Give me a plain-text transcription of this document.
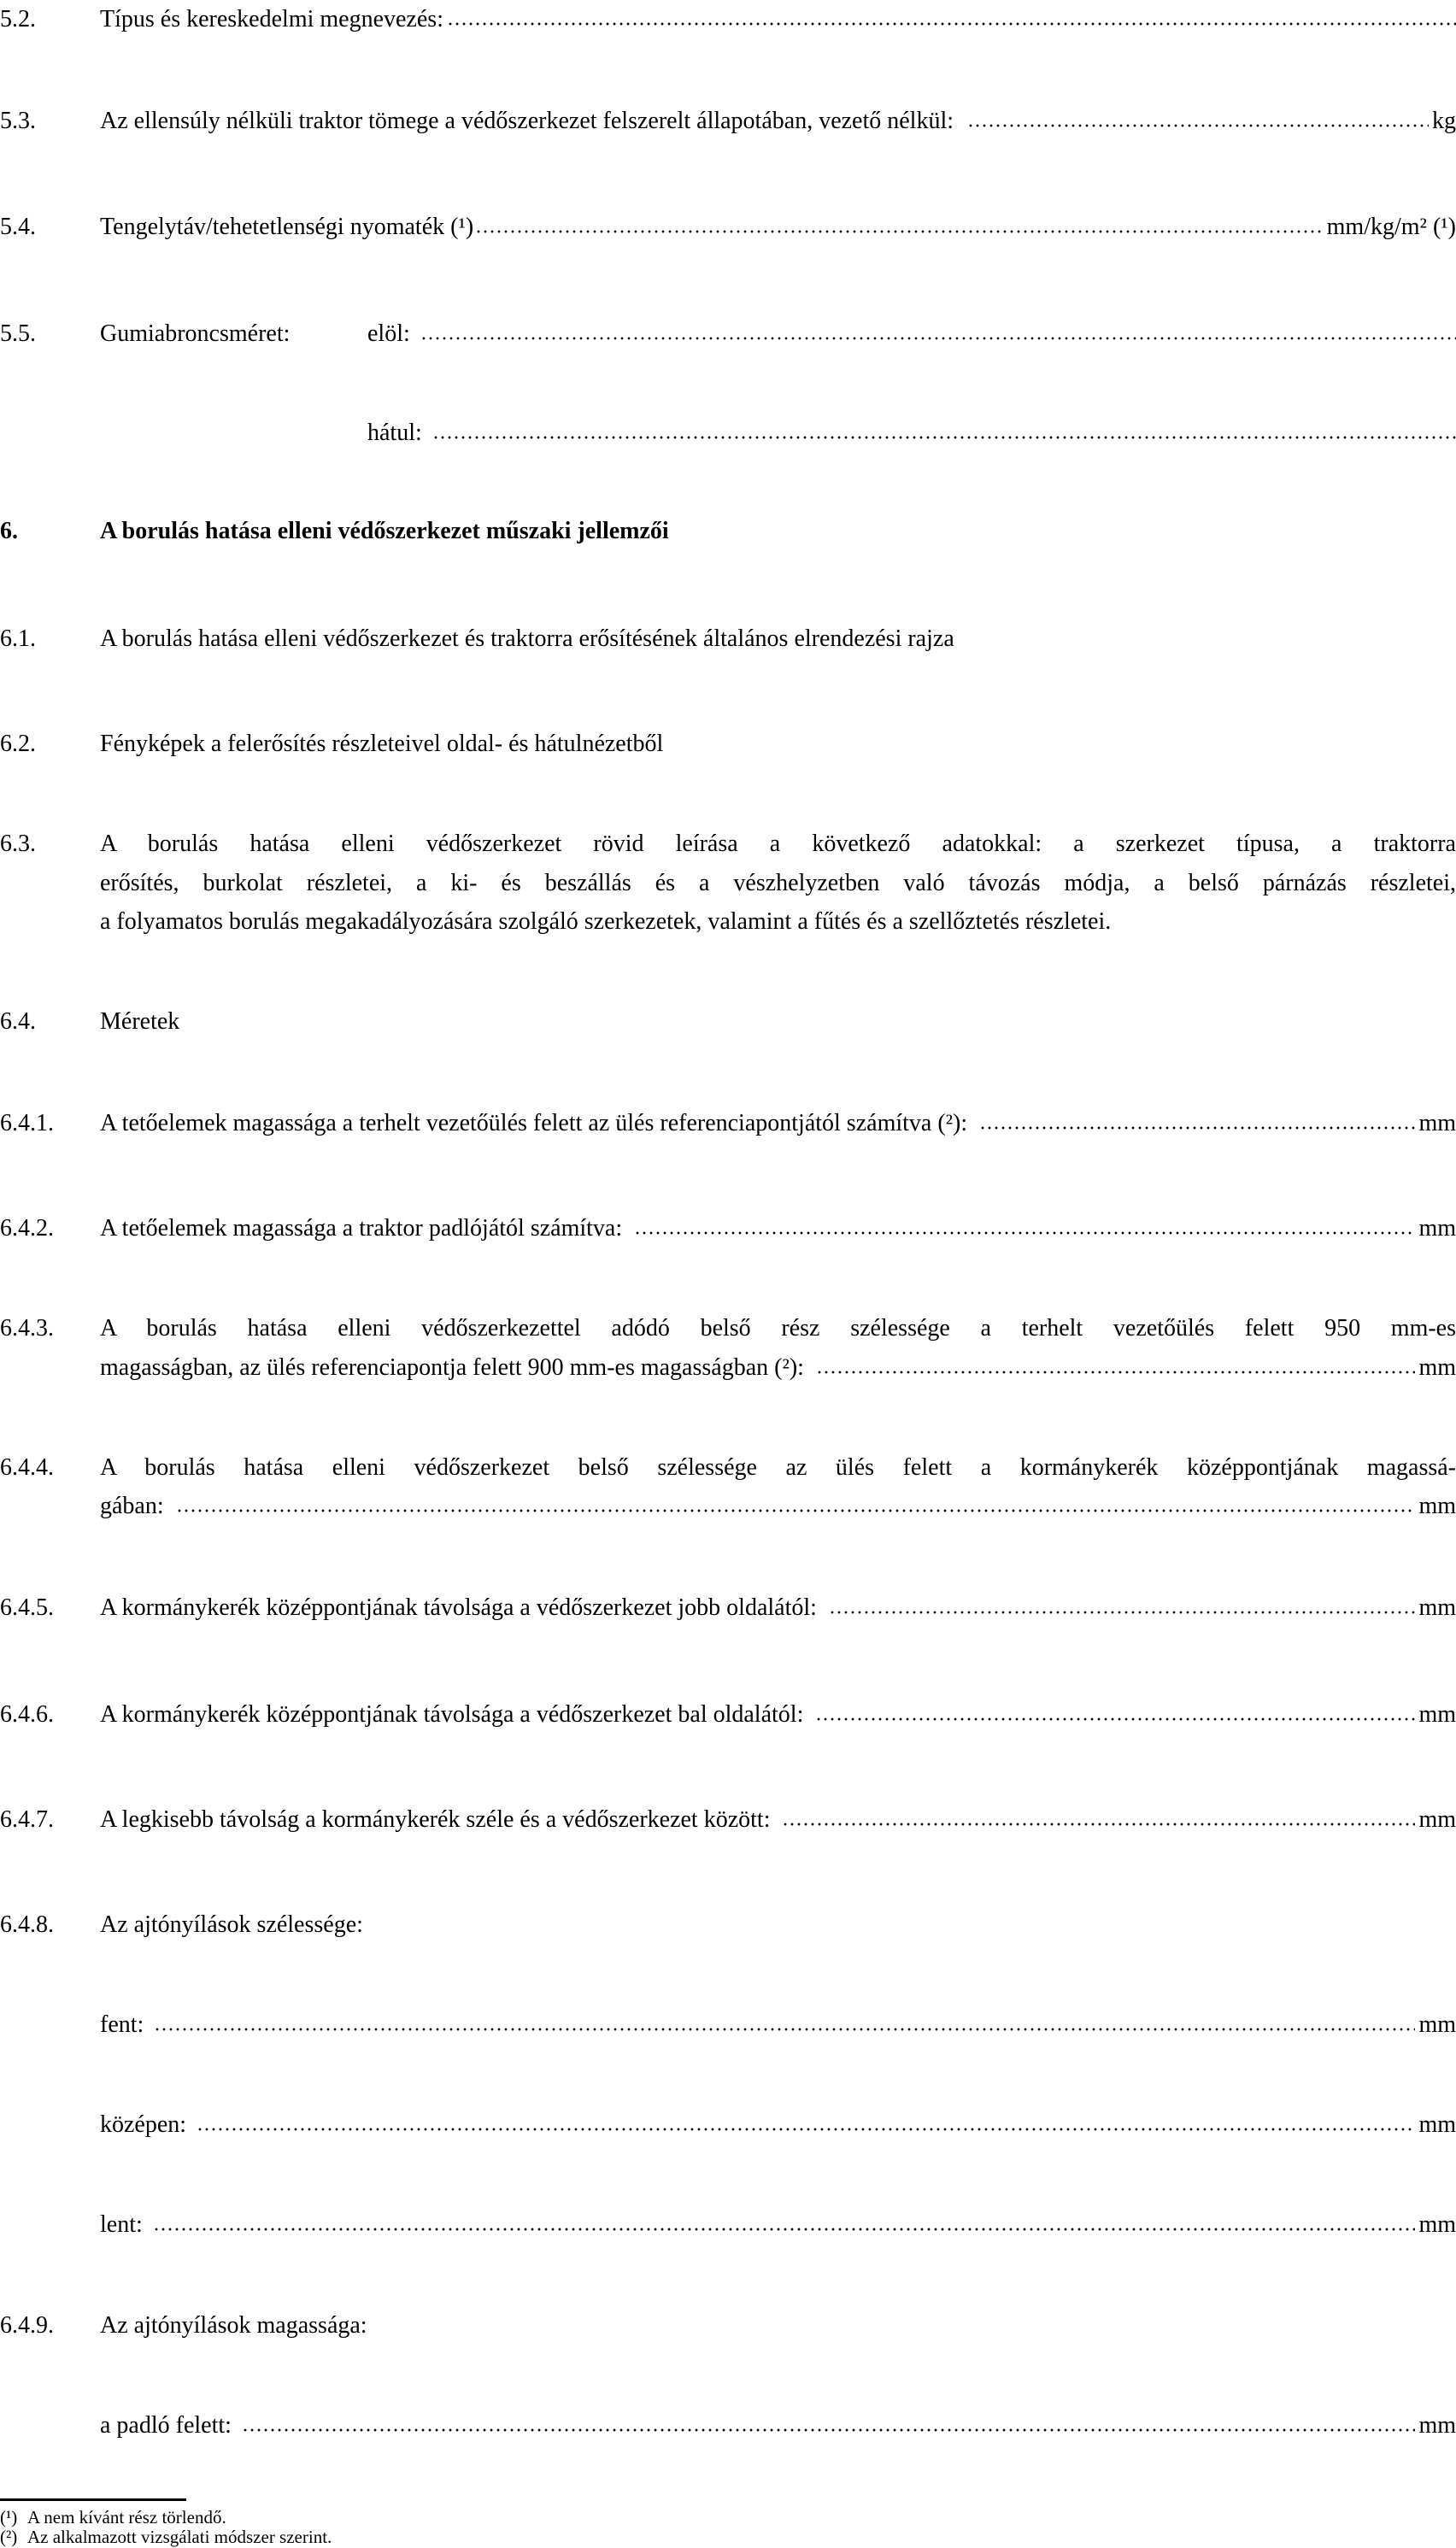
5.2.	Típus és kereskedelmi megnevezés:
5.3.	Az ellensúly nélküli traktor tömege a védőszerkezet felszerelt állapotában, vezető nélkül:	kg
5.4.	Tengelytáv/tehetetlenségi nyomaték (¹)	mm/kg/m² (¹)
5.5.	Gumiabroncsméret:	elöl:
hátul:
6.	A borulás hatása elleni védőszerkezet műszaki jellemzői
6.1.	A borulás hatása elleni védőszerkezet és traktorra erősítésének általános elrendezési rajza
6.2.	Fényképek a felerősítés részleteivel oldal- és hátulnézetből
6.3.	A borulás hatása elleni védőszerkezet rövid leírása a következő adatokkal: a szerkezet típusa, a traktorra
erősítés, burkolat részletei, a ki- és beszállás és a vészhelyzetben való távozás módja, a belső párnázás részletei,
a folyamatos borulás megakadályozására szolgáló szerkezetek, valamint a fűtés és a szellőztetés részletei.
6.4.	Méretek
6.4.1. A tetőelemek magassága a terhelt vezetőülés felett az ülés referenciapontjától számítva (²):	mm
6.4.2. A tetőelemek magassága a traktor padlójától számítva:	mm
6.4.3. A borulás hatása elleni védőszerkezettel adódó belső rész szélessége a terhelt vezetőülés felett 950 mm-es
magasságban, az ülés referenciapontja felett 900 mm-es magasságban (²):	mm
6.4.4. A borulás hatása elleni védőszerkezet belső szélessége az ülés felett a kormánykerék középpontjának magassá-
gában:	mm
6.4.5. A kormánykerék középpontjának távolsága a védőszerkezet jobb oldalától:	mm
6.4.6. A kormánykerék középpontjának távolsága a védőszerkezet bal oldalától:	mm
6.4.7. A legkisebb távolság a kormánykerék széle és a védőszerkezet között:	mm
6.4.8. Az ajtónyílások szélessége:
fent:	mm
középen:	mm
lent:	mm
6.4.9. Az ajtónyílások magassága:
a padló felett:	mm
(¹) A nem kívánt rész törlendő.
(²) Az alkalmazott vizsgálati módszer szerint.
